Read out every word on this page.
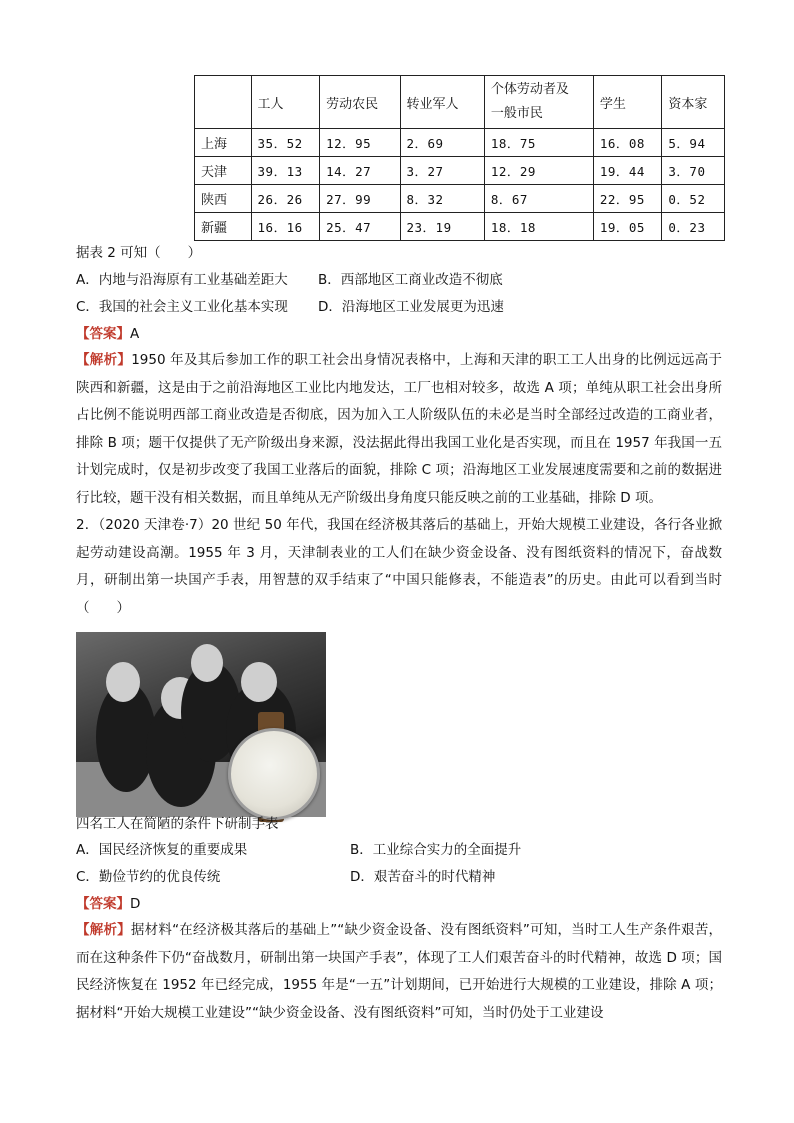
	工人	劳动农民	转业军人	个体劳动者及
一般市民	学生	资本家
上海	35．52	12．95	2．69	18．75	16．08	5．94
天津	39．13	14．27	3．27	12．29	19．44	3．70
陕西	26．26	27．99	8．32	8．67	22．95	0．52
新疆	16．16	25．47	23．19	18．18	19．05	0．23
据表 2 可知（　　）
A．内地与沿海原有工业基础差距大 B．西部地区工商业改造不彻底
C．我国的社会主义工业化基本实现 D．沿海地区工业发展更为迅速
【答案】A
【解析】1950 年及其后参加工作的职工社会出身情况表格中，上海和天津的职工工人出身的比例远远高于陕西和新疆，这是由于之前沿海地区工业比内地发达，工厂也相对较多，故选 A 项；单纯从职工社会出身所占比例不能说明西部工商业改造是否彻底，因为加入工人阶级队伍的未必是当时全部经过改造的工商业者，排除 B 项；题干仅提供了无产阶级出身来源，没法据此得出我国工业化是否实现，而且在 1957 年我国一五计划完成时，仅是初步改变了我国工业落后的面貌，排除 C 项；沿海地区工业发展速度需要和之前的数据进行比较，题干没有相关数据，而且单纯从无产阶级出身角度只能反映之前的工业基础，排除 D 项。
2．（2020 天津卷·7）20 世纪 50 年代，我国在经济极其落后的基础上，开始大规模工业建设，各行各业掀起劳动建设高潮。1955 年 3 月，天津制表业的工人们在缺少资金设备、没有图纸资料的情况下，奋战数月，研制出第一块国产手表，用智慧的双手结束了“中国只能修表，不能造表”的历史。由此可以看到当时（　　）
四名工人在简陋的条件下研制手表
A．国民经济恢复的重要成果	B．工业综合实力的全面提升
C．勤俭节约的优良传统	D．艰苦奋斗的时代精神
【答案】D
【解析】据材料“在经济极其落后的基础上”“缺少资金设备、没有图纸资料”可知，当时工人生产条件艰苦，而在这种条件下仍“奋战数月，研制出第一块国产手表”，体现了工人们艰苦奋斗的时代精神，故选 D 项；国民经济恢复在 1952 年已经完成，1955 年是“一五”计划期间，已开始进行大规模的工业建设，排除 A 项；据材料“开始大规模工业建设”“缺少资金设备、没有图纸资料”可知，当时仍处于工业建设
